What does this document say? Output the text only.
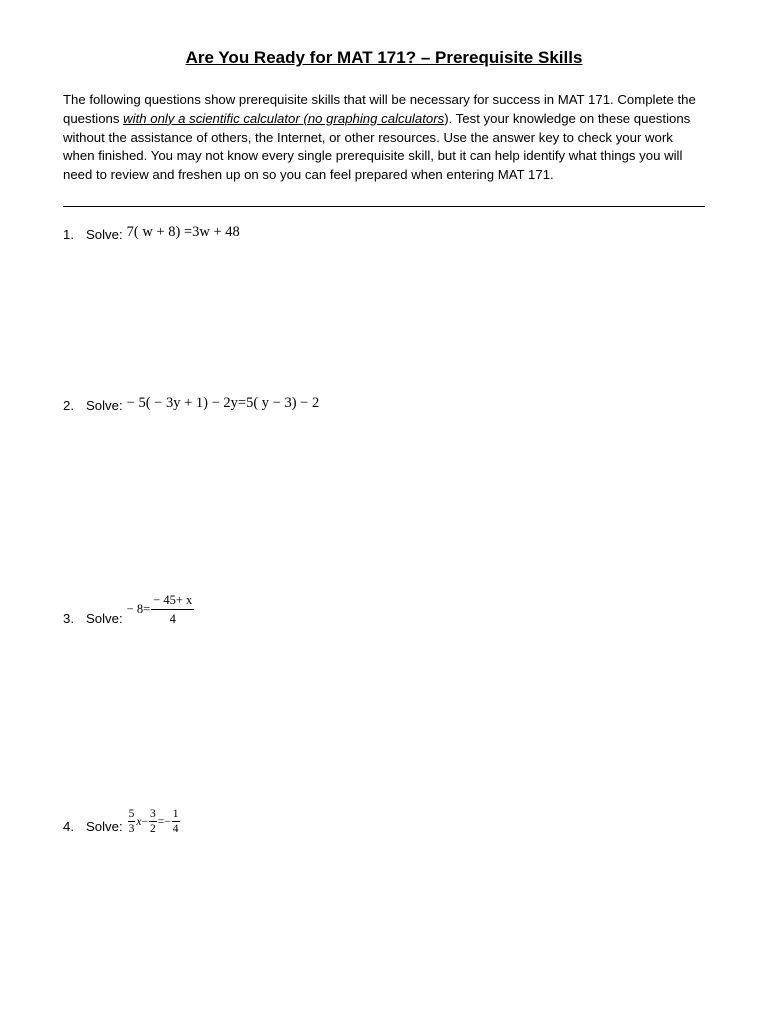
Are You Ready for MAT 171? – Prerequisite Skills
The following questions show prerequisite skills that will be necessary for success in MAT 171. Complete the questions with only a scientific calculator (no graphing calculators). Test your knowledge on these questions without the assistance of others, the Internet, or other resources. Use the answer key to check your work when finished. You may not know every single prerequisite skill, but it can help identify what things you will need to review and freshen up on so you can feel prepared when entering MAT 171.
1. Solve: 7( w + 8) =3w + 48
2. Solve: − 5( − 3y + 1) − 2y=5( y − 3) − 2
3. Solve:
− $8= \frac{- 45+ x}{4}$
4. Solve: $\frac{5}{3}$ $x - \frac{3}{2} =- \frac{1}{4}$
